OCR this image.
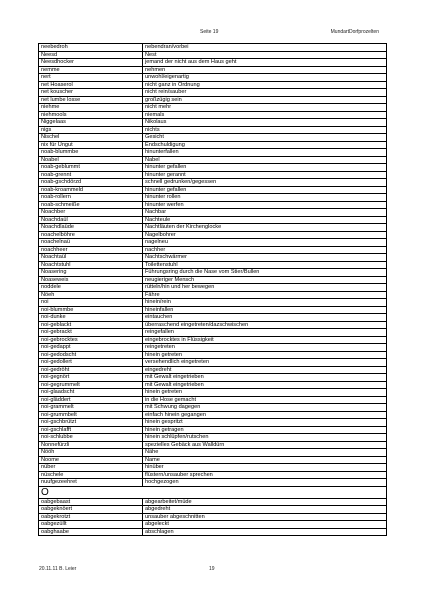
Seite 19	MundartDorfprozelten
neebedroh	nebendran/vorbei
Neesd	Nest
Neesdhocker	jemand der nicht aus dem Haus geht
nemme	nehmen
nert	unwohl/eigenartig
net Hoaserol	nicht ganz in Ordnung
net kouscher	nicht rein/sauber
net lumbe losse	großzügig sein
niehme	nicht mehr
niehmools	niemals
Niggelaas	Nikolaus
nigs	nichts
Nischel	Gesicht
nix für Ungut	Endschuldigung
noab-blummbe	hinunterfallen
Noabel	Nabel
noab-geblummt	hinunter gefallen
noab-grennt	hinunter gerannt
noab-gschdörzd	schnell gedrunken/gegessen
noab-kroammeld	hinunter gefallen
noab-rollern	hinunter rollen
noab-schmeiße	hinunter werfen
Noachber	Nachbar
Noachdaül	Nachteule
Noachdlaüde	Nachtläuten der Kirchenglocke
noachelböhre	Nagelbohrer
noachelnaü	nagelneu
noachheer	nachher
Noachtaül	Nachtschwärmer
Noachtstuhl	Toilettenstuhl
Noasering	Führungsring durch die Nase vom Stier/Bullen
Noaseweis	neugieriger Mensch
noddele	rütteln/hin und her bewegen
Nöeh	Fähre
noi	hinein/rein
noi-blummbe	hineinfallen
noi-dunke	eintauchen
noi-geblackt	überraschend eingetreten/dazschwischen
noi-gebrackt	reingefallen
noi-gebrocktes	eingebrocktes in Flüssigkeit
noi-gedappt	reingetreten
noi-gedodscht	hinein getreten
noi-gedollert	versehendlich eingetreten
noi-gedröht	eingedreht
noi-gegnört	mit Gewalt eingetrieben
noi-gegrummelt	mit Gewalt eingetrieben
noi-glaadscht	hinein getreten
noi-gläddert	in die Hose gemacht
noi-grammelt	mit Schwung dagegen
noi-grummbelt	einfach hinein gegangen
noi-gschbrützt	hinein gespritzt
noi-gschlafft	hinein getragen
noi-schlubbe	hinein schlüpfen/rutschen
Nonnefürzli	spezielles Gebäck aus Walldürn
Nööh	Nähe
Noome	Name
nüber	hinüber
nüschele	flüstern/unsauber sprechen
nuufgezeehret	hochgezogen
O	
oabgebaast	abgearbeitet/müde
oabgeknöert	abgedreht
oabgekrotzt	unsauber abgeschnitten
oabgezüllt	abgeleckt
oabghaabe	abschlagen
20.11.11 B. Leier	19
